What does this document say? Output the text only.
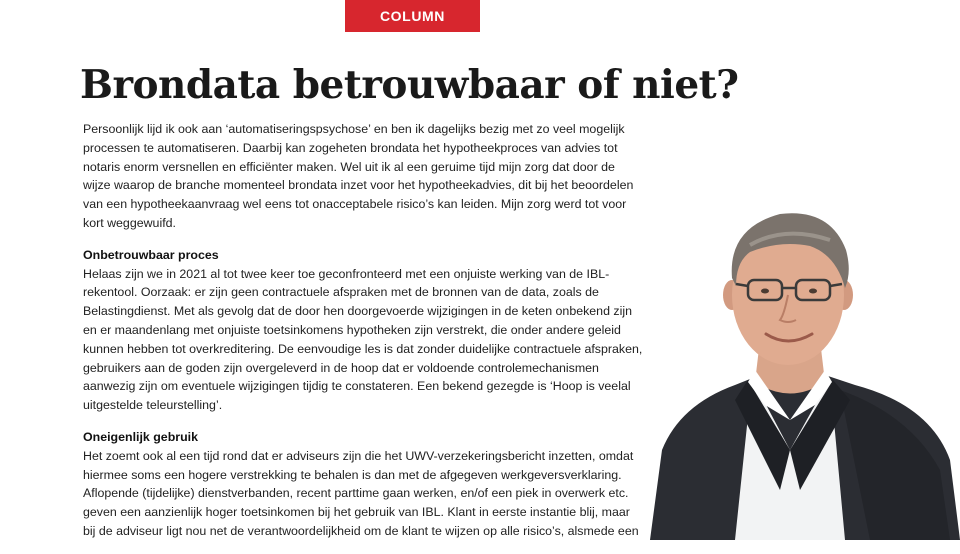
COLUMN
Brondata betrouwbaar of niet?

Persoonlijk lijd ik ook aan ‘automatiseringspsychose’ en ben ik dagelijks bezig met zo veel mogelijk processen te automatiseren. Daarbij kan zogeheten brondata het hypotheekproces van advies tot notaris enorm versnellen en efficiënter maken. Wel uit ik al een geruime tijd mijn zorg dat door de wijze waarop de branche momenteel brondata inzet voor het hypotheekadvies, dit bij het beoordelen van een hypotheekaanvraag wel eens tot onacceptabele risico’s kan leiden. Mijn zorg werd tot voor kort weggewuifd.

Onbetrouwbaar proces

Helaas zijn we in 2021 al tot twee keer toe geconfronteerd met een onjuiste werking van de IBL-rekentool. Oorzaak: er zijn geen contractuele afspraken met de bronnen van de data, zoals de Belastingdienst. Met als gevolg dat de door hen doorgevoerde wijzigingen in de keten onbekend zijn en er maandenlang met onjuiste toetsinkomens hypotheken zijn verstrekt, die onder andere geleid kunnen hebben tot overkreditering. De eenvoudige les is dat zonder duidelijke contractuele afspraken, gebruikers aan de goden zijn overgeleverd in de hoop dat er voldoende controlemechanismen aanwezig zijn om eventuele wijzigingen tijdig te constateren. Een bekend gezegde is ‘Hoop is veelal uitgestelde teleurstelling’.

Oneigenlijk gebruik

Het zoemt ook al een tijd rond dat er adviseurs zijn die het UWV-verzekeringsbericht inzetten, omdat hiermee soms een hogere verstrekking te behalen is dan met de afgegeven werkgeversverklaring. Aflopende (tijdelijke) dienstverbanden, recent parttime gaan werken, en/of een piek in overwerk etc. geven een aanzienlijk hoger toetsinkomen bij het gebruik van IBL. Klant in eerste instantie blij, maar bij de adviseur ligt nou net de verantwoordelijkheid om de klant te wijzen op alle risico’s, alsmede een
